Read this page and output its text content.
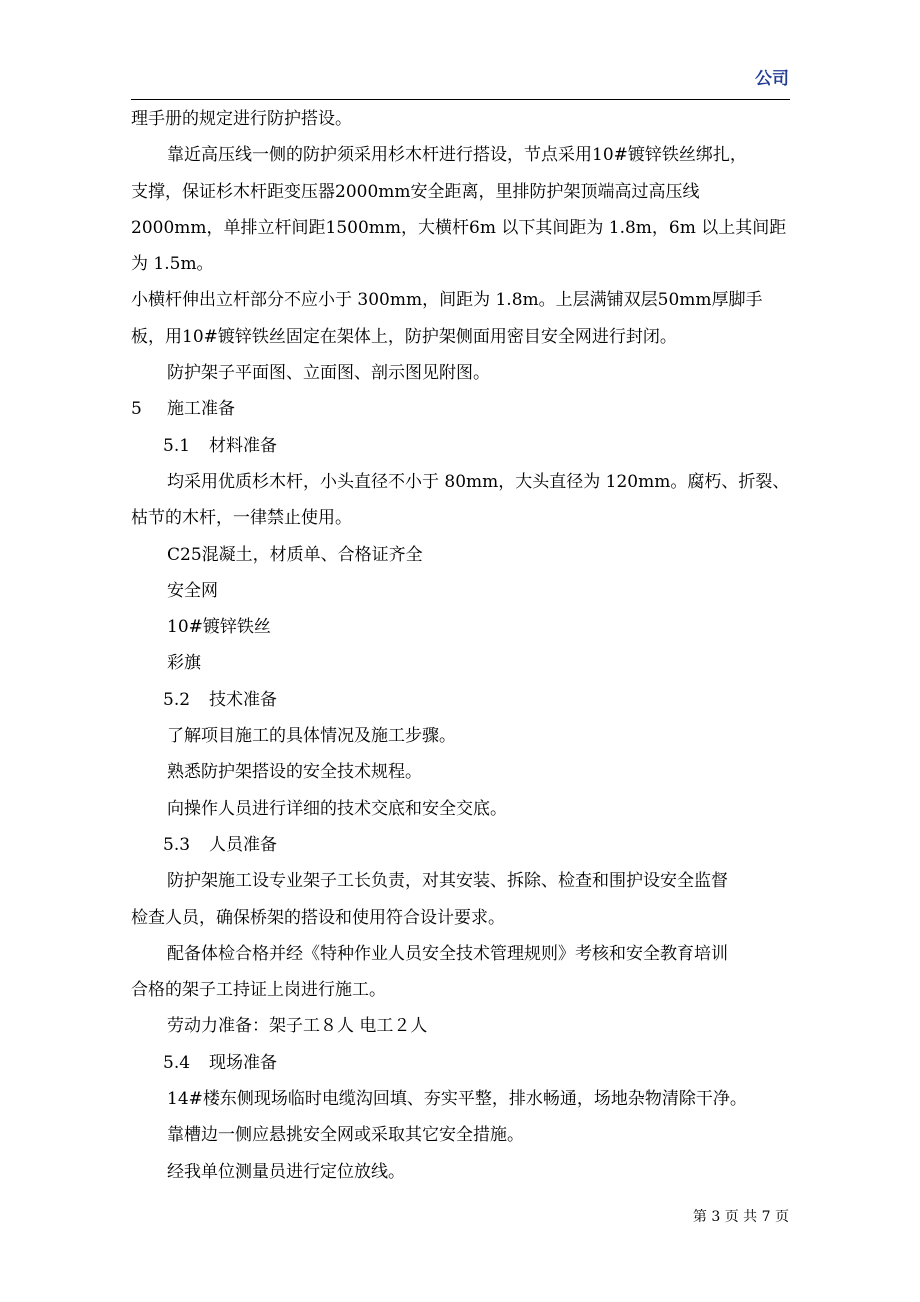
公司
理手册的规定进行防护搭设。
靠近高压线一侧的防护须采用杉木杆进行搭设，节点采用10#镀锌铁丝绑扎，
支撑，保证杉木杆距变压器2000mm安全距离，里排防护架顶端高过高压线
2000mm，单排立杆间距1500mm，大横杆6m 以下其间距为 1.8m，6m 以上其间距
为 1.5m。
小横杆伸出立杆部分不应小于 300mm，间距为 1.8m。上层满铺双层50mm厚脚手
板，用10#镀锌铁丝固定在架体上，防护架侧面用密目安全网进行封闭。
防护架子平面图、立面图、剖示图见附图。
5 施工准备
5.1 材料准备
均采用优质杉木杆，小头直径不小于 80mm，大头直径为 120mm。腐朽、折裂、
枯节的木杆，一律禁止使用。
C25混凝土，材质单、合格证齐全
安全网
10#镀锌铁丝
彩旗
5.2 技术准备
了解项目施工的具体情况及施工步骤。
熟悉防护架搭设的安全技术规程。
向操作人员进行详细的技术交底和安全交底。
5.3 人员准备
防护架施工设专业架子工长负责，对其安装、拆除、检查和围护设安全监督
检查人员，确保桥架的搭设和使用符合设计要求。
配备体检合格并经《特种作业人员安全技术管理规则》考核和安全教育培训
合格的架子工持证上岗进行施工。
劳动力准备：架子工８人 电工２人
5.4 现场准备
14#楼东侧现场临时电缆沟回填、夯实平整，排水畅通，场地杂物清除干净。
靠槽边一侧应悬挑安全网或采取其它安全措施。
经我单位测量员进行定位放线。
第 3 页 共 7 页
